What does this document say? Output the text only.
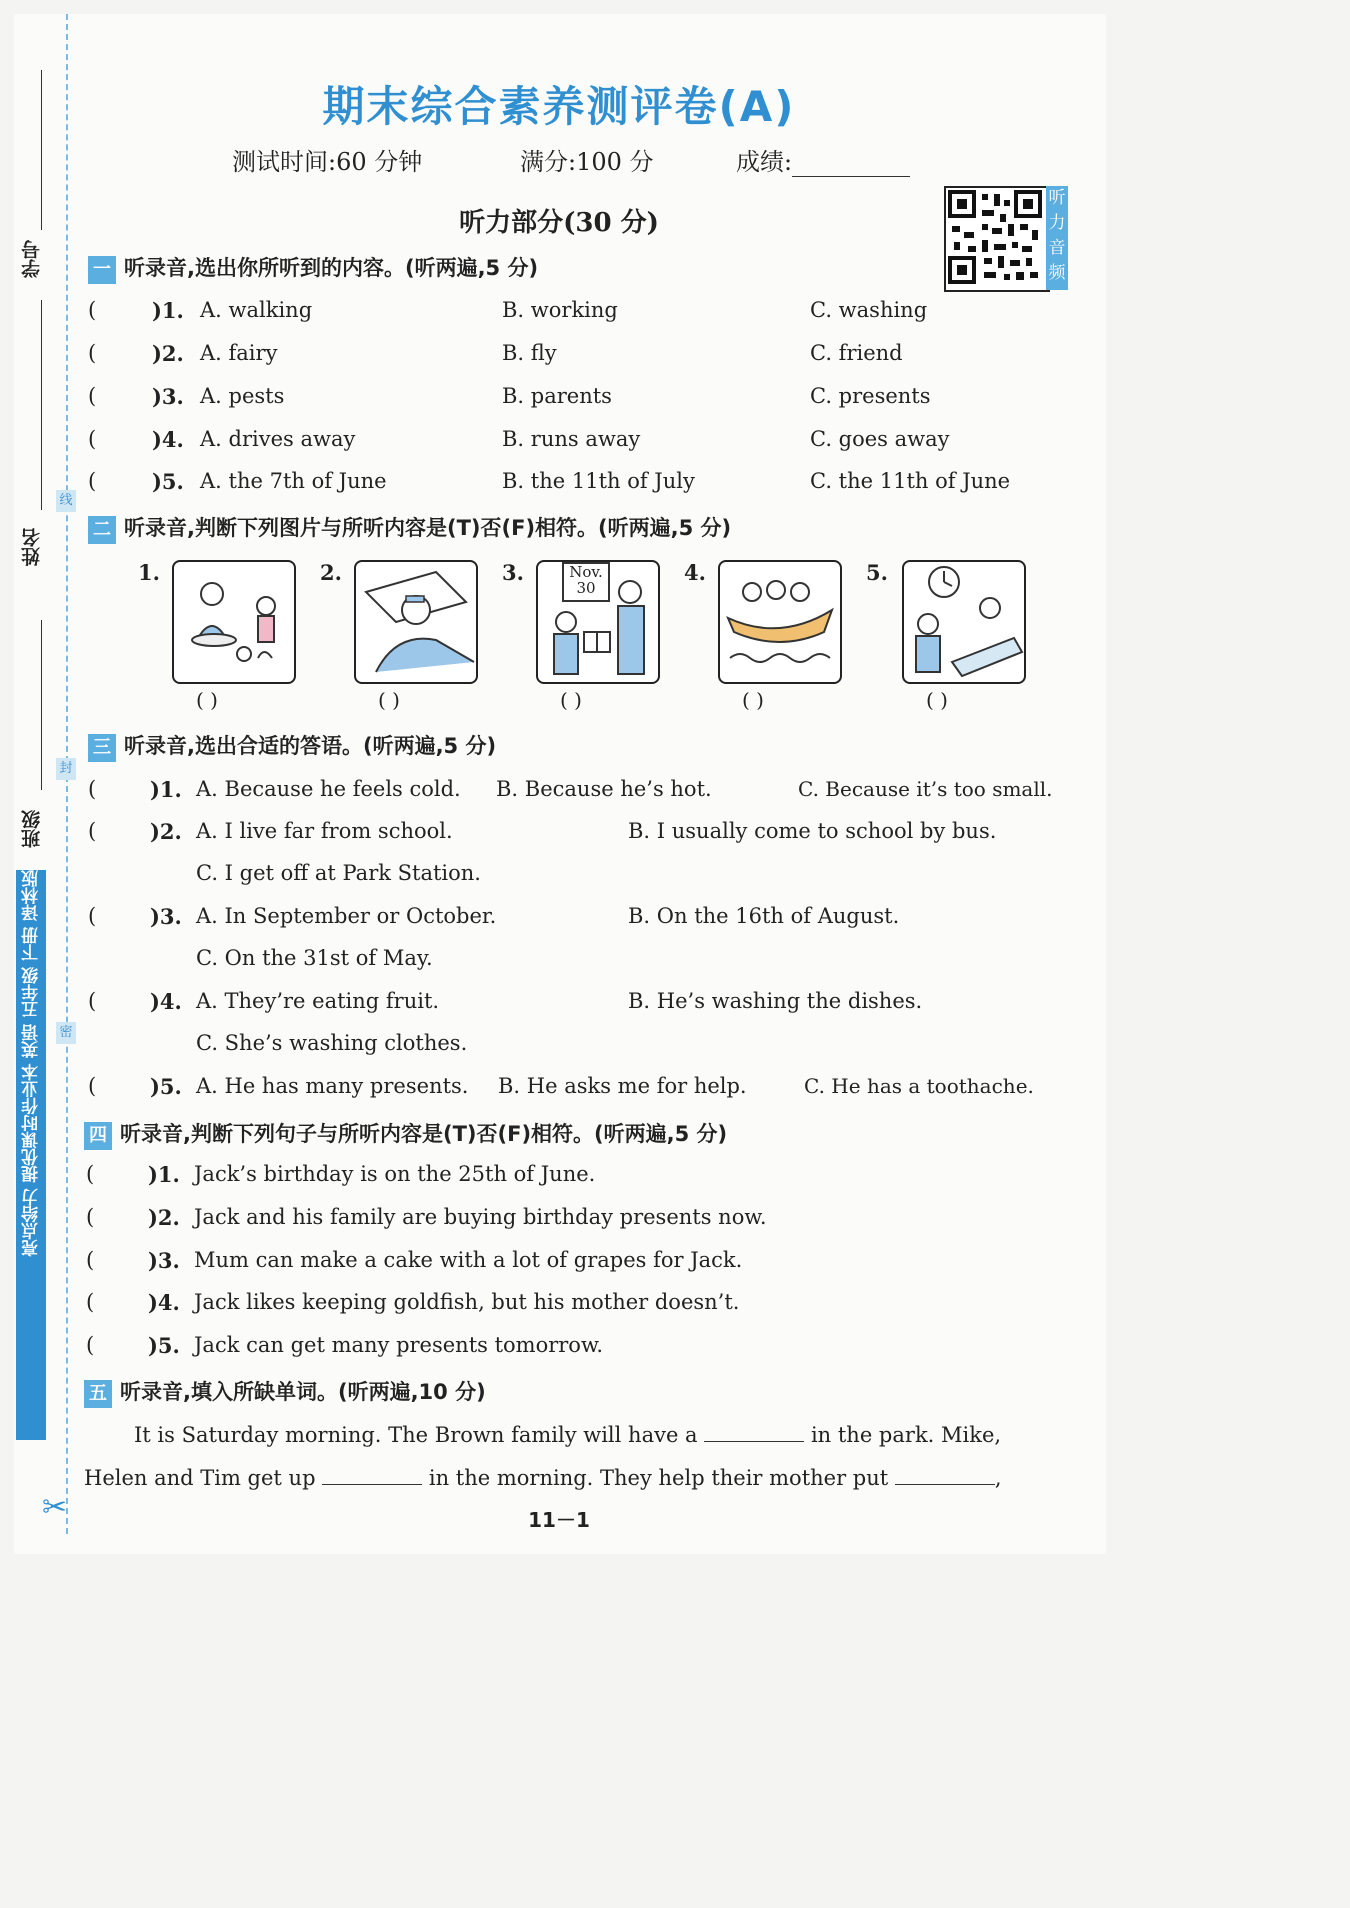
线
封
密
学号
姓名
班级
亮点给力 提优课时作业本 英语 五年级 下册 译林版
✂
期末综合素养测评卷(A)
测试时间:60 分钟	满分:100 分	成绩:
听力部分(30 分)
听力音频
一 听录音,选出你所听到的内容。(听两遍,5 分)
(	)1. A. walking	B. working	C. washing
(	)2. A. fairy	B. fly	C. friend
(	)3. A. pests	B. parents	C. presents
(	)4. A. drives away	B. runs away	C. goes away
(	)5. A. the 7th of June	B. the 11th of July	C. the 11th of June
二 听录音,判断下列图片与所听内容是(T)否(F)相符。(听两遍,5 分)
1.
( )
2.
( )
3.	Nov.
30
( )
4.
( )
5.
( )
三 听录音,选出合适的答语。(听两遍,5 分)
(	)1. A. Because he feels cold. B. Because he’s hot.	C. Because it’s too small.
(	)2. A. I live far from school.	B. I usually come to school by bus.
C. I get off at Park Station.
(	)3. A. In September or October.	B. On the 16th of August.
C. On the 31st of May.
(	)4. A. They’re eating fruit.	B. He’s washing the dishes.
C. She’s washing clothes.
(	)5. A. He has many presents. B. He asks me for help.	C. He has a toothache.
四 听录音,判断下列句子与所听内容是(T)否(F)相符。(听两遍,5 分)
(	)1. Jack’s birthday is on the 25th of June.
(	)2. Jack and his family are buying birthday presents now.
(	)3. Mum can make a cake with a lot of grapes for Jack.
(	)4. Jack likes keeping goldfish, but his mother doesn’t.
(	)5. Jack can get many presents tomorrow.
五 听录音,填入所缺单词。(听两遍,10 分)
It is Saturday morning. The Brown family will have a	in the park. Mike,
Helen and Tim get up	in the morning. They help their mother put	,
11－1
